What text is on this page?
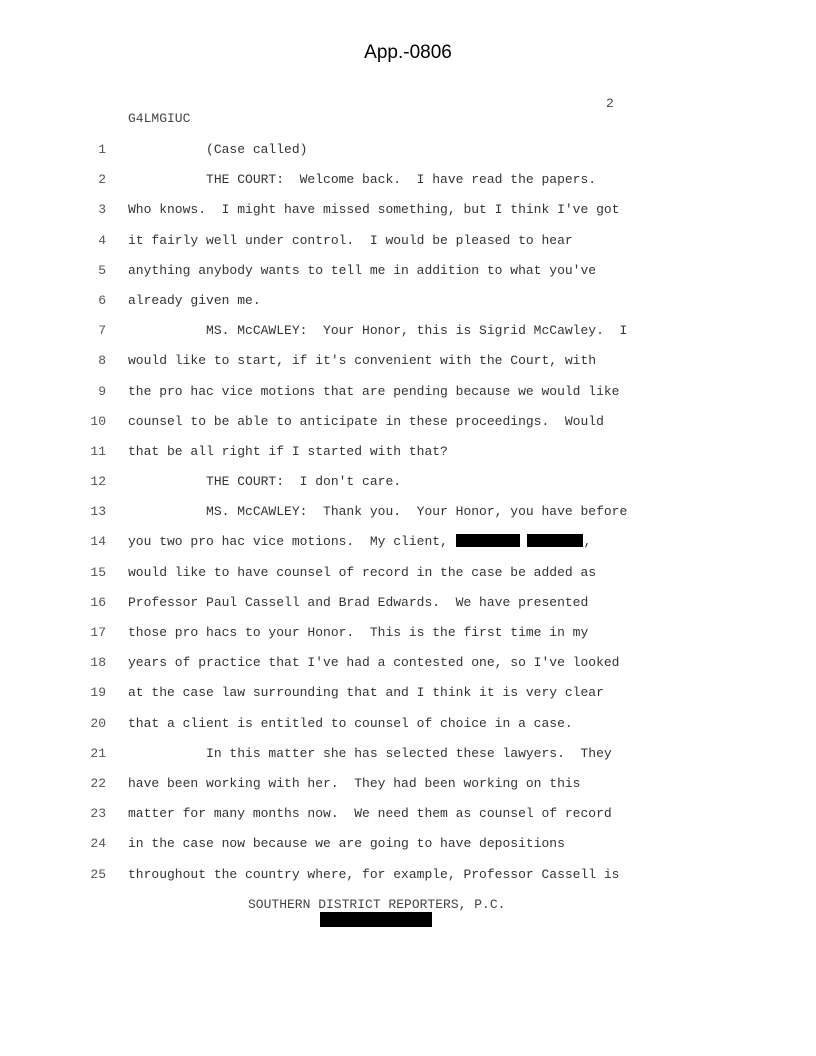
App.-0806
2
G4LMGIUC
1 (Case called)
2 THE COURT:  Welcome back.  I have read the papers.
3 Who knows.  I might have missed something, but I think I've got
4 it fairly well under control.  I would be pleased to hear
5 anything anybody wants to tell me in addition to what you've
6 already given me.
7 MS. McCAWLEY:  Your Honor, this is Sigrid McCawley.  I
8 would like to start, if it's convenient with the Court, with
9 the pro hac vice motions that are pending because we would like
10 counsel to be able to anticipate in these proceedings.  Would
11 that be all right if I started with that?
12 THE COURT:  I don't care.
13 MS. McCAWLEY:  Thank you.  Your Honor, you have before
14 you two pro hac vice motions.  My client,	,
15 would like to have counsel of record in the case be added as
16 Professor Paul Cassell and Brad Edwards.  We have presented
17 those pro hacs to your Honor.  This is the first time in my
18 years of practice that I've had a contested one, so I've looked
19 at the case law surrounding that and I think it is very clear
20 that a client is entitled to counsel of choice in a case.
21 In this matter she has selected these lawyers.  They
22 have been working with her.  They had been working on this
23 matter for many months now.  We need them as counsel of record
24 in the case now because we are going to have depositions
25 throughout the country where, for example, Professor Cassell is
SOUTHERN DISTRICT REPORTERS, P.C.
